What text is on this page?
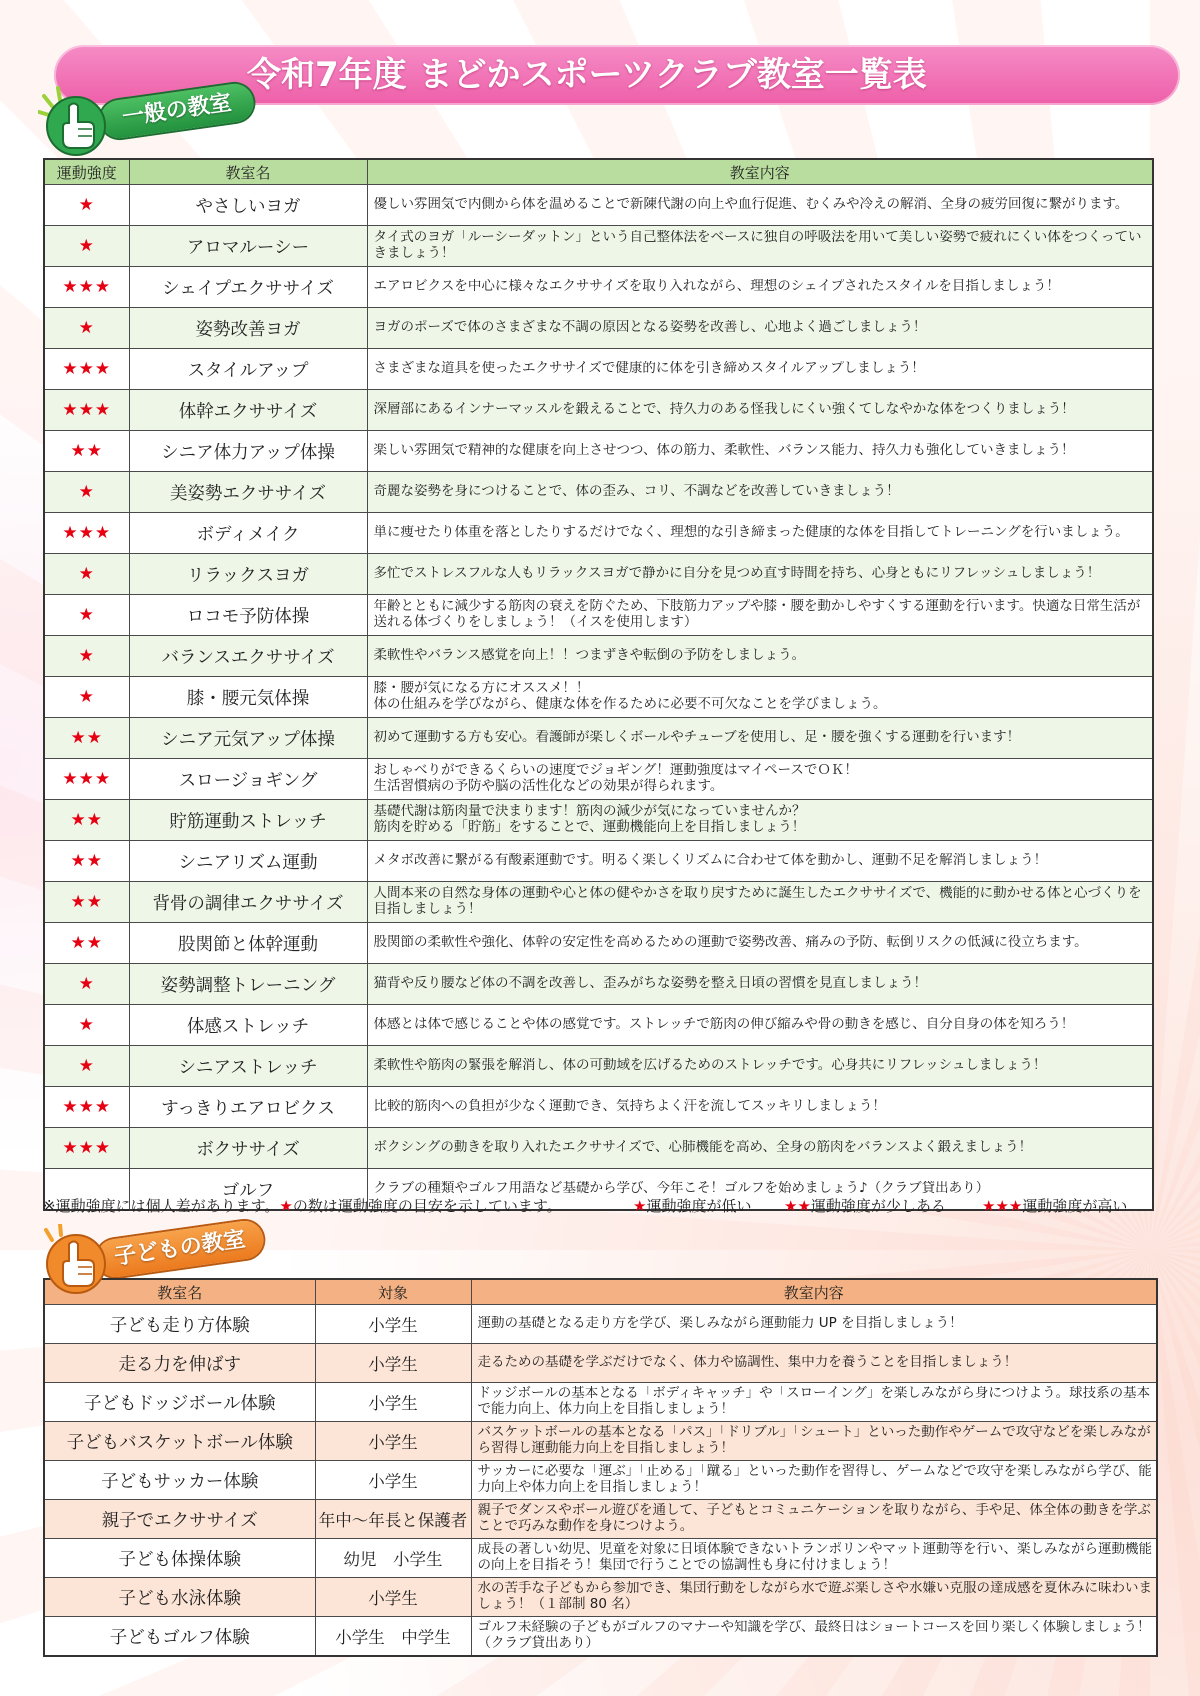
令和7年度 まどかスポーツクラブ教室一覧表
一般の教室
運動強度	教室名	教室内容
★	やさしいヨガ	優しい雰囲気で内側から体を温めることで新陳代謝の向上や血行促進、むくみや冷えの解消、全身の疲労回復に繋がります。

★	アロマルーシー	タイ式のヨガ「ルーシーダットン」という自己整体法をベースに独自の呼吸法を用いて美しい姿勢で疲れにくい体をつくっていきましょう！

★★★	シェイプエクササイズ	エアロビクスを中心に様々なエクササイズを取り入れながら、理想のシェイプされたスタイルを目指しましょう！

★	姿勢改善ヨガ	ヨガのポーズで体のさまざまな不調の原因となる姿勢を改善し、心地よく過ごしましょう！

★★★	スタイルアップ	さまざまな道具を使ったエクササイズで健康的に体を引き締めスタイルアップしましょう！

★★★	体幹エクササイズ	深層部にあるインナーマッスルを鍛えることで、持久力のある怪我しにくい強くてしなやかな体をつくりましょう！

★★	シニア体力アップ体操	楽しい雰囲気で精神的な健康を向上させつつ、体の筋力、柔軟性、バランス能力、持久力も強化していきましょう！

★	美姿勢エクササイズ	奇麗な姿勢を身につけることで、体の歪み、コリ、不調などを改善していきましょう！

★★★	ボディメイク	単に痩せたり体重を落としたりするだけでなく、理想的な引き締まった健康的な体を目指してトレーニングを行いましょう。

★	リラックスヨガ	多忙でストレスフルな人もリラックスヨガで静かに自分を見つめ直す時間を持ち、心身ともにリフレッシュしましょう！

★	ロコモ予防体操	年齢とともに減少する筋肉の衰えを防ぐため、下肢筋力アップや膝・腰を動かしやすくする運動を行います。快適な日常生活が送れる体づくりをしましょう！（イスを使用します）

★	バランスエクササイズ	柔軟性やバランス感覚を向上！！つまずきや転倒の予防をしましょう。

★	膝・腰元気体操	膝・腰が気になる方にオススメ！！
体の仕組みを学びながら、健康な体を作るために必要不可欠なことを学びましょう。

★★	シニア元気アップ体操	初めて運動する方も安心。看護師が楽しくボールやチューブを使用し、足・腰を強くする運動を行います！

★★★	スロージョギング	おしゃべりができるくらいの速度でジョギング！運動強度はマイペースでＯＫ！
生活習慣病の予防や脳の活性化などの効果が得られます。

★★	貯筋運動ストレッチ	基礎代謝は筋肉量で決まります！筋肉の減少が気になっていませんか？
筋肉を貯める「貯筋」をすることで、運動機能向上を目指しましょう！

★★	シニアリズム運動	メタボ改善に繋がる有酸素運動です。明るく楽しくリズムに合わせて体を動かし、運動不足を解消しましょう！

★★	背骨の調律エクササイズ	人間本来の自然な身体の運動や心と体の健やかさを取り戻すために誕生したエクササイズで、機能的に動かせる体と心づくりを目指しましょう！

★★	股関節と体幹運動	股関節の柔軟性や強化、体幹の安定性を高めるための運動で姿勢改善、痛みの予防、転倒リスクの低減に役立ちます。

★	姿勢調整トレーニング	猫背や反り腰など体の不調を改善し、歪みがちな姿勢を整え日頃の習慣を見直しましょう！

★	体感ストレッチ	体感とは体で感じることや体の感覚です。ストレッチで筋肉の伸び縮みや骨の動きを感じ、自分自身の体を知ろう！

★	シニアストレッチ	柔軟性や筋肉の緊張を解消し、体の可動域を広げるためのストレッチです。心身共にリフレッシュしましょう！

★★★	すっきりエアロビクス	比較的筋肉への負担が少なく運動でき、気持ちよく汗を流してスッキリしましょう！

★★★	ボクササイズ	ボクシングの動きを取り入れたエクササイズで、心肺機能を高め、全身の筋肉をバランスよく鍛えましょう！

	ゴルフ	クラブの種類やゴルフ用語など基礎から学び、今年こそ！ゴルフを始めましょう♪（クラブ貸出あり）
※運動強度には個人差があります。★の数は運動強度の目安を示しています。	★運動強度が低い ★★運動強度が少しある ★★★運動強度が高い
子どもの教室
教室名	対象	教室内容
子ども走り方体験	小学生	運動の基礎となる走り方を学び、楽しみながら運動能力 UP を目指しましょう！

走る力を伸ばす	小学生	走るための基礎を学ぶだけでなく、体力や協調性、集中力を養うことを目指しましょう！

子どもドッジボール体験	小学生	ドッジボールの基本となる「ボディキャッチ」や「スローイング」を楽しみながら身につけよう。球技系の基本で能力向上、体力向上を目指しましょう！

子どもバスケットボール体験	小学生	バスケットボールの基本となる「パス」「ドリブル」「シュート」といった動作やゲームで攻守などを楽しみながら習得し運動能力向上を目指しましょう！

子どもサッカー体験	小学生	サッカーに必要な「運ぶ」「止める」「蹴る」といった動作を習得し、ゲームなどで攻守を楽しみながら学び、能力向上や体力向上を目指しましょう！

親子でエクササイズ	年中～年長と保護者	親子でダンスやボール遊びを通して、子どもとコミュニケーションを取りながら、手や足、体全体の動きを学ぶことで巧みな動作を身につけよう。

子ども体操体験	幼児　小学生	成長の著しい幼児、児童を対象に日頃体験できないトランポリンやマット運動等を行い、楽しみながら運動機能の向上を目指そう！集団で行うことでの協調性も身に付けましょう！

子ども水泳体験	小学生	水の苦手な子どもから参加でき、集団行動をしながら水で遊ぶ楽しさや水嫌い克服の達成感を夏休みに味わいましょう！（１部制 80 名）

子どもゴルフ体験	小学生　中学生	ゴルフ未経験の子どもがゴルフのマナーや知識を学び、最終日はショートコースを回り楽しく体験しましょう！（クラブ貸出あり）
